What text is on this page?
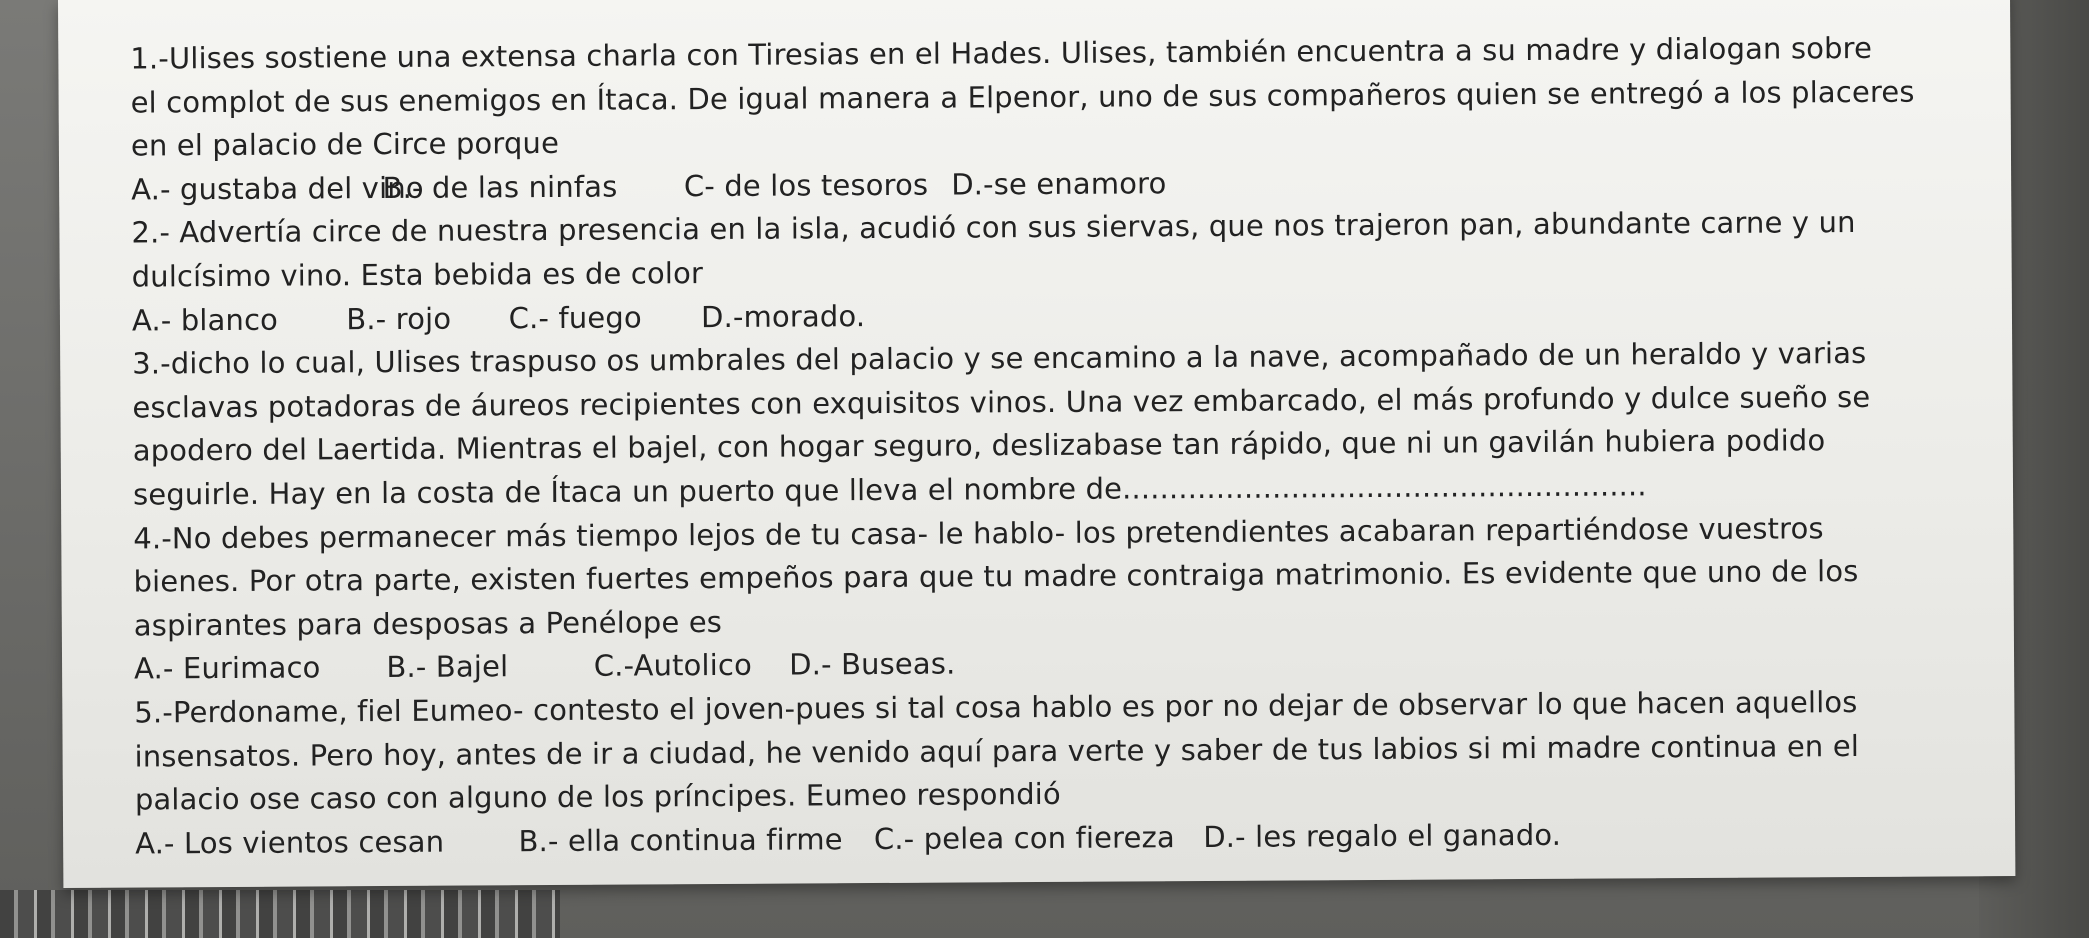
1.-Ulises sostiene una extensa charla con Tiresias en el Hades. Ulises, también encuentra a su madre y dialogan sobre
el complot de sus enemigos en Ítaca. De igual manera a Elpenor, uno de sus compañeros quien se entregó a los placeres
en el palacio de Circe porque
A.- gustaba del vino B.- de las ninfas C- de los tesoros D.-se enamoro
2.- Advertía circe de nuestra presencia en la isla, acudió con sus siervas, que nos trajeron pan, abundante carne y un
dulcísimo vino. Esta bebida es de color
A.- blanco B.- rojo C.- fuego D.-morado.
3.-dicho lo cual, Ulises traspuso os umbrales del palacio y se encamino a la nave, acompañado de un heraldo y varias
esclavas potadoras de áureos recipientes con exquisitos vinos. Una vez embarcado, el más profundo y dulce sueño se
apodero del Laertida. Mientras el bajel, con hogar seguro, deslizabase tan rápido, que ni un gavilán hubiera podido
seguirle. Hay en la costa de Ítaca un puerto que lleva el nombre de........................................................
4.-No debes permanecer más tiempo lejos de tu casa- le hablo- los pretendientes acabaran repartiéndose vuestros
bienes. Por otra parte, existen fuertes empeños para que tu madre contraiga matrimonio. Es evidente que uno de los
aspirantes para desposas a Penélope es
A.- Eurimaco B.- Bajel	C.-Autolico D.- Buseas.
5.-Perdoname, fiel Eumeo- contesto el joven-pues si tal cosa hablo es por no dejar de observar lo que hacen aquellos
insensatos. Pero hoy, antes de ir a ciudad, he venido aquí para verte y saber de tus labios si mi madre continua en el
palacio ose caso con alguno de los príncipes. Eumeo respondió
A.- Los vientos cesan	B.- ella continua firme C.- pelea con fiereza D.- les regalo el ganado.
